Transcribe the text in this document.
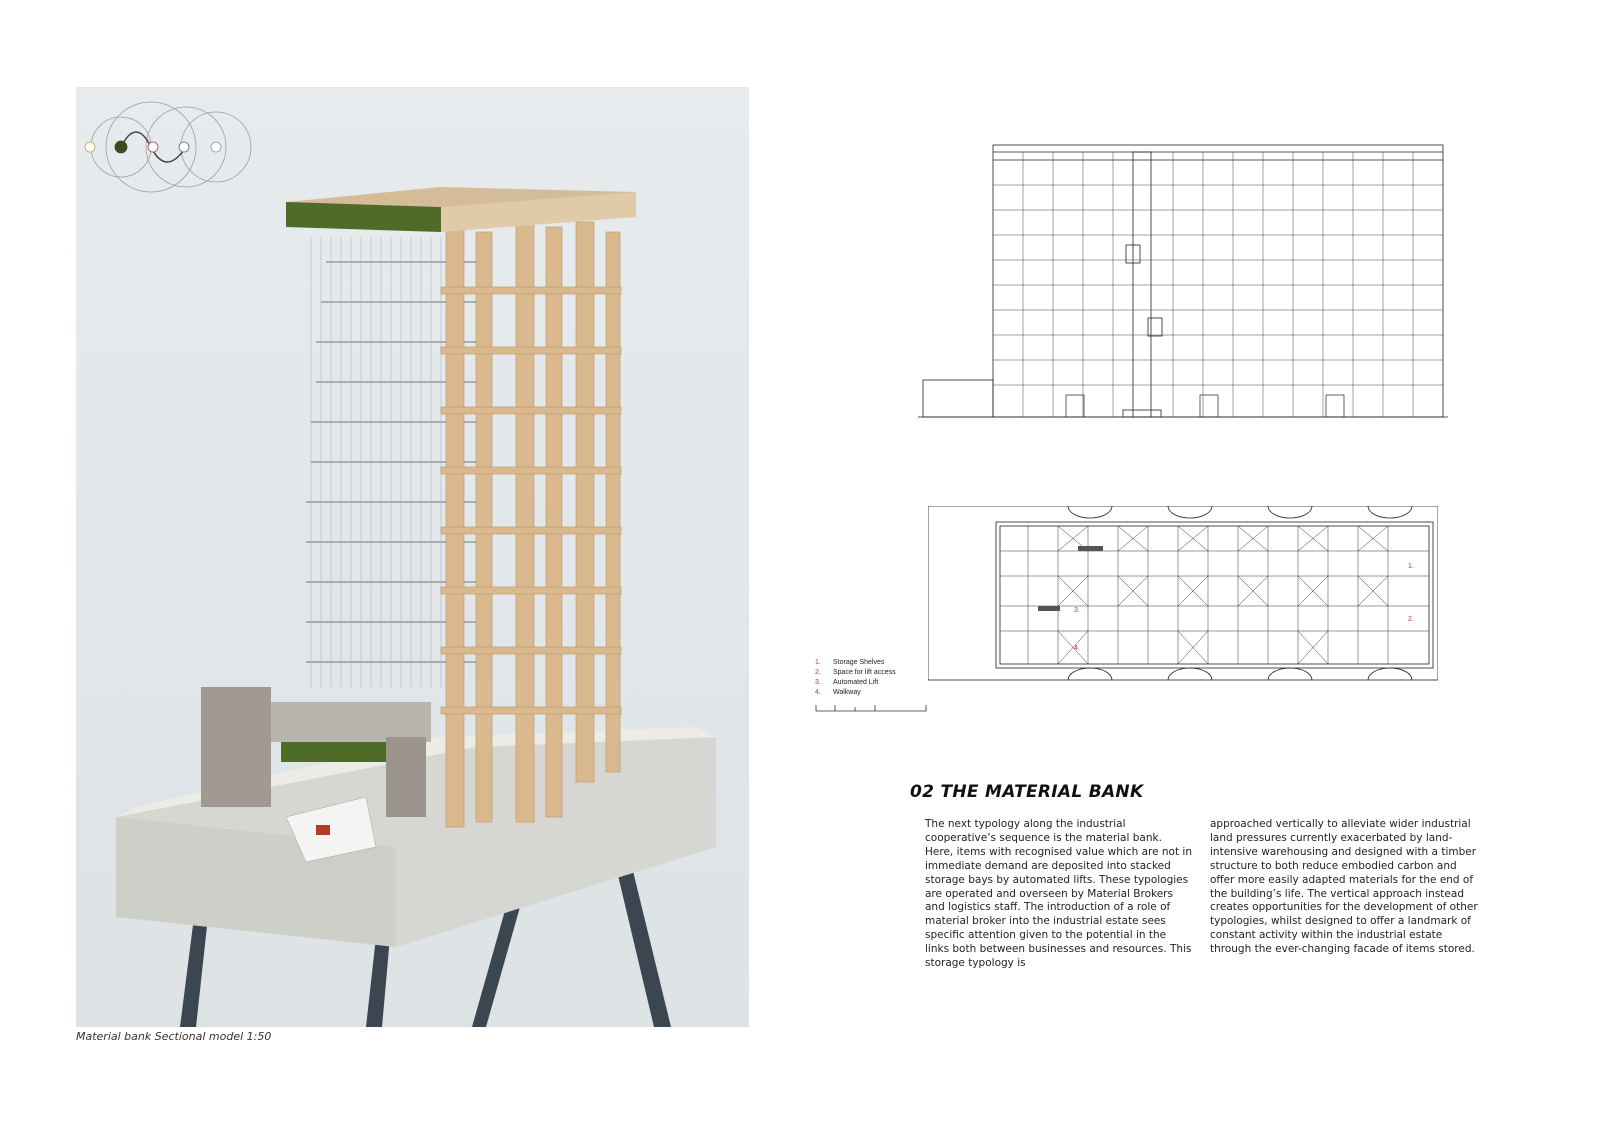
Material bank Sectional model 1:50
1.
2.
3.
4.
1.	Storage Shelves
2.	Space for lift access
3.	Automated Lift
4.	Walkway
02 THE MATERIAL BANK
The next typology along the industrial cooperative’s sequence is the material bank. Here, items with recognised value which are not in immediate demand are deposited into stacked storage bays by automated lifts. These typologies are operated and overseen by Material Brokers and logistics staff. The introduction of a role of material broker into the industrial estate sees specific attention given to the potential in the links both between businesses and resources. This storage typology is
approached vertically to alleviate wider industrial land pressures currently exacerbated by land-intensive warehousing and designed with a timber structure to both reduce embodied carbon and offer more easily adapted materials for the end of the building’s life. The vertical approach instead creates opportunities for the development of other typologies, whilst designed to offer a landmark of constant activity within the industrial estate through the ever-changing facade of items stored.
